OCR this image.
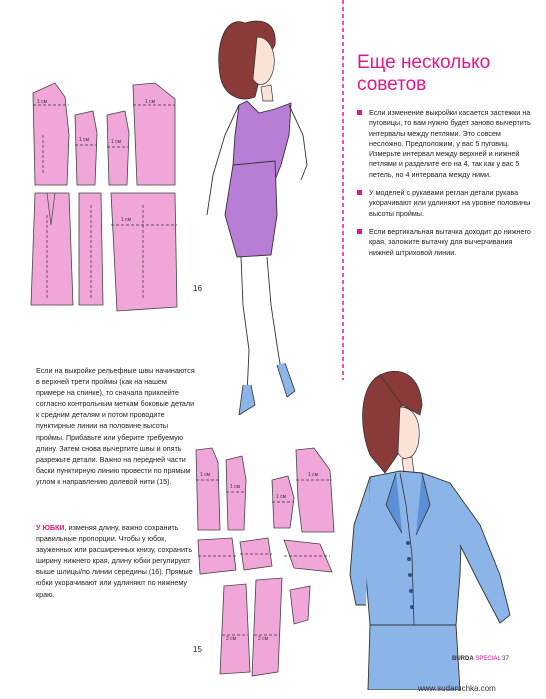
1 см
1 см	1 см
1 см
1 см
16
Еще несколько
советов
Если изменение выкройки касается застежки на пуговицы, то вам нужно будет заново вычертить интервалы между петлями. Это совсем несложно. Предположим, у вас 5 пуговиц. Измерьте интервал между верхней и нижней петлями и разделите его на 4, так как у вас 5 петель, но 4 интервала между ними.
У моделей с рукавами реглан детали рукава укорачивают или удлиняют на уровне половины высоты проймы.
Если вертикальная вытачка доходит до нижнего края, заложите вытачку для вычерчивания нижней штриховой линии.
Если на выкройке рельефные швы начинаются в верхней трети проймы (как на нашем примере на спинке), то сначала приклейте согласно контрольным меткам боковые детали к средним деталям и потом проводите пунктирные линии на половине высоты проймы. Прибавьте или уберите требуемую длину. Затем снова вычертите швы и опять разрежьте детали. Важно на передней части баски пунктирную линию провести по прямым углом к направлению долевой нити (15).
У ЮБКИ, изменяя длину, важно сохранить правильные пропорции. Чтобы у юбок, зауженных или расширенных книзу, сохранить ширину нижнего края, длину юбки регулируют выше шлицы/по линии середины (16). Прямые юбки укорачивают или удлиняют по нижнему краю.
1 см
1 см
1 см
1 см
2 см	2 см
15
BURDA SPECIAL 37
www.sudaruchka.com
